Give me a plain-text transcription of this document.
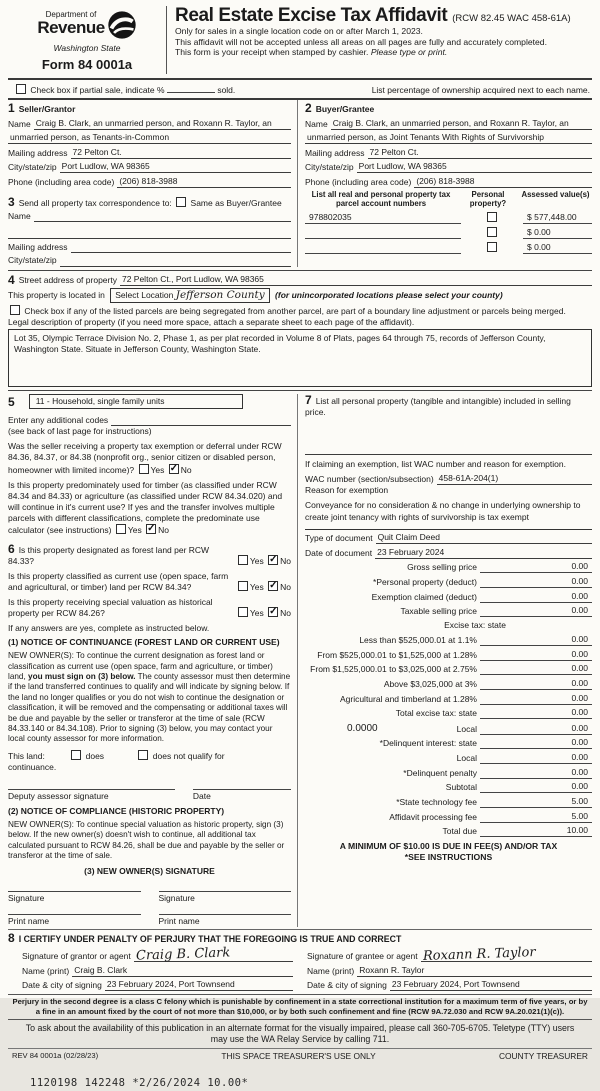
Department of
Revenue
Washington State
Form 84 0001a
Real Estate Excise Tax Affidavit (RCW 82.45 WAC 458-61A)
Only for sales in a single location code on or after March 1, 2023.
This affidavit will not be accepted unless all areas on all pages are fully and accurately completed.
This form is your receipt when stamped by cashier. Please type or print.
Check box if partial sale, indicate %	sold.	List percentage of ownership acquired next to each name.
1 Seller/Grantor
Name Craig B. Clark, an unmarried person, and Roxann R. Taylor, an
unmarried person, as Tenants-in-Common
Mailing address 72 Pelton Ct.
City/state/zip Port Ludlow, WA 98365
Phone (including area code) (206) 818-3988
3 Send all property tax correspondence to: Same as Buyer/Grantee
Name
Mailing address
City/state/zip
2 Buyer/Grantee
Name Craig B. Clark, an unmarried person, and Roxann R. Taylor, an
unmarried person, as Joint Tenants With Rights of Survivorship
Mailing address 72 Pelton Ct.
City/state/zip Port Ludlow, WA 98365
Phone (including area code) (206) 818-3988
List all real and personal property tax parcel account numbers
Personal property?
Assessed value(s)
978802035	$ 577,448.00
$ 0.00
$ 0.00
4 Street address of property 72 Pelton Ct., Port Ludlow, WA 98365
This property is located in Select Location Jefferson County (for unincorporated locations please select your county)
Check box if any of the listed parcels are being segregated from another parcel, are part of a boundary line adjustment or parcels being merged.
Legal description of property (if you need more space, attach a separate sheet to each page of the affidavit).
Lot 35, Olympic Terrace Division No. 2, Phase 1, as per plat recorded in Volume 8 of Plats, pages 64 through 75, records of Jefferson County, Washington State. Situate in Jefferson County, Washington State.
5	11 - Household, single family units
Enter any additional codes
(see back of last page for instructions)
Was the seller receiving a property tax exemption or deferral under RCW 84.36, 84.37, or 84.38 (nonprofit org., senior citizen or disabled person, homeowner with limited income)? Yes ✓ No
Is this property predominately used for timber (as classified under RCW 84.34 and 84.33) or agriculture (as classified under RCW 84.34.020) and will continue in it's current use? If yes and the transfer involves multiple parcels with different classifications, complete the predominate use calculator (see instructions) Yes ✓ No
6 Is this property designated as forest land per RCW 84.33?	Yes ✓ No
Is this property classified as current use (open space, farm and agricultural, or timber) land per RCW 84.34?	Yes ✓ No
Is this property receiving special valuation as historical property per RCW 84.26?	Yes ✓ No
If any answers are yes, complete as instructed below.
(1) NOTICE OF CONTINUANCE (FOREST LAND OR CURRENT USE)
NEW OWNER(S): To continue the current designation as forest land or classification as current use (open space, farm and agriculture, or timber) land, you must sign on (3) below. The county assessor must then determine if the land transferred continues to qualify and will indicate by signing below. If the land no longer qualifies or you do not wish to continue the designation or classification, it will be removed and the compensating or additional taxes will be due and payable by the seller or transferor at the time of sale (RCW 84.33.140 or 84.34.108). Prior to signing (3) below, you may contact your local county assessor for more information.
This land:	does	does not qualify for
continuance.
Deputy assessor signature	Date
(2) NOTICE OF COMPLIANCE (HISTORIC PROPERTY)
NEW OWNER(S): To continue special valuation as historic property, sign (3) below. If the new owner(s) doesn't wish to continue, all additional tax calculated pursuant to RCW 84.26, shall be due and payable by the seller or transferor at the time of sale.
(3) NEW OWNER(S) SIGNATURE
Signature	Signature
Print name	Print name
7 List all personal property (tangible and intangible) included in selling price.
If claiming an exemption, list WAC number and reason for exemption.
WAC number (section/subsection) 458-61A-204(1)
Reason for exemption
Conveyance for no consideration & no change in underlying ownership to create joint tenancy with rights of survivorship is tax exempt
Type of document Quit Claim Deed
Date of document 23 February 2024
Gross selling price	0.00
*Personal property (deduct)	0.00
Exemption claimed (deduct)	0.00
Taxable selling price	0.00
Excise tax: state
Less than $525,000.01 at 1.1%	0.00
From $525,000.01 to $1,525,000 at 1.28%	0.00
From $1,525,000.01 to $3,025,000 at 2.75%	0.00
Above $3,025,000 at 3%	0.00
Agricultural and timberland at 1.28%	0.00
Total excise tax: state	0.00
0.0000	Local	0.00
*Delinquent interest: state	0.00
Local	0.00
*Delinquent penalty	0.00
Subtotal	0.00
*State technology fee	5.00
Affidavit processing fee	5.00
Total due	10.00
A MINIMUM OF $10.00 IS DUE IN FEE(S) AND/OR TAX
*SEE INSTRUCTIONS
8 I CERTIFY UNDER PENALTY OF PERJURY THAT THE FOREGOING IS TRUE AND CORRECT
Signature of grantor or agent Craig B. Clark
Name (print) Craig B. Clark
Date & city of signing 23 February 2024, Port Townsend
Signature of grantee or agent Roxann R. Taylor
Name (print) Roxann R. Taylor
Date & city of signing 23 February 2024, Port Townsend
Perjury in the second degree is a class C felony which is punishable by confinement in a state correctional institution for a maximum term of five years, or by a fine in an amount fixed by the court of not more than $10,000, or by both such confinement and fine (RCW 9A.72.030 and RCW 9A.20.021(1)(c)).
To ask about the availability of this publication in an alternate format for the visually impaired, please call 360-705-6705. Teletype (TTY) users may use the WA Relay Service by calling 711.
REV 84 0001a (02/28/23)	THIS SPACE TREASURER'S USE ONLY	COUNTY TREASURER
1120198 142248 *2/26/2024 10.00*
